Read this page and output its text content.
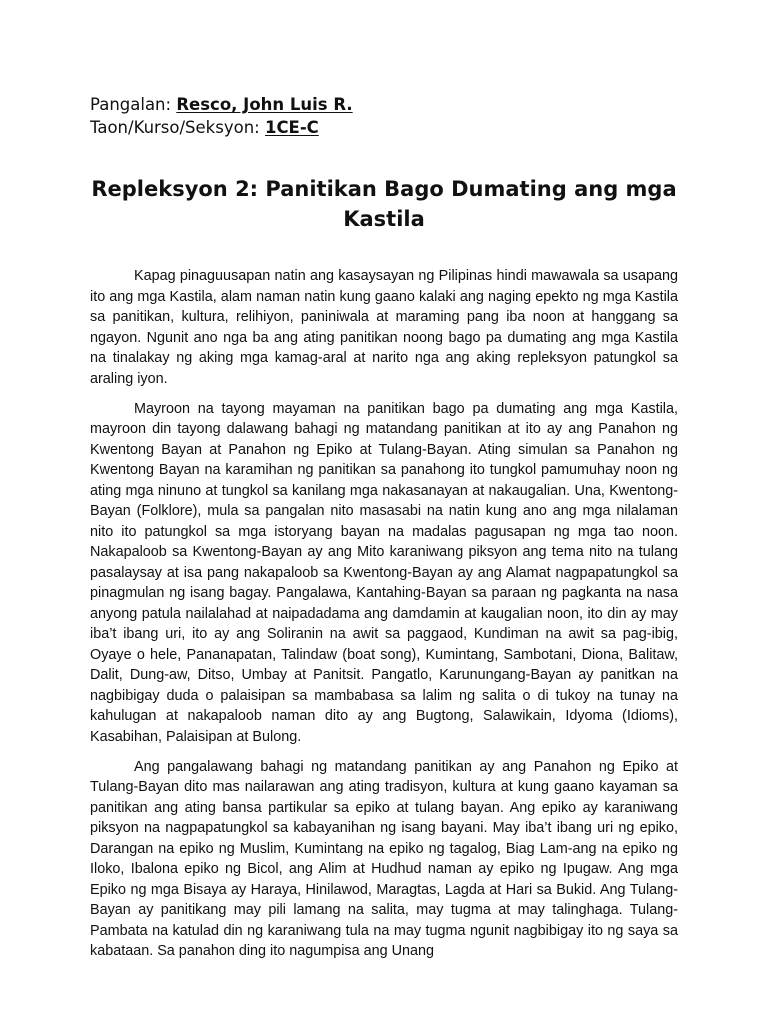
Pangalan: Resco, John Luis R.
Taon/Kurso/Seksyon: 1CE-C
Repleksyon 2: Panitikan Bago Dumating ang mga Kastila

Kapag pinaguusapan natin ang kasaysayan ng Pilipinas hindi mawawala sa usapang ito ang mga Kastila, alam naman natin kung gaano kalaki ang naging epekto ng mga Kastila sa panitikan, kultura, relihiyon, paniniwala at maraming pang iba noon at hanggang sa ngayon. Ngunit ano nga ba ang ating panitikan noong bago pa dumating ang mga Kastila na tinalakay ng aking mga kamag-aral at narito nga ang aking repleksyon patungkol sa araling iyon.

Mayroon na tayong mayaman na panitikan bago pa dumating ang mga Kastila, mayroon din tayong dalawang bahagi ng matandang panitikan at ito ay ang Panahon ng Kwentong Bayan at Panahon ng Epiko at Tulang-Bayan. Ating simulan sa Panahon ng Kwentong Bayan na karamihan ng panitikan sa panahong ito tungkol pamumuhay noon ng ating mga ninuno at tungkol sa kanilang mga nakasanayan at nakaugalian. Una, Kwentong-Bayan (Folklore), mula sa pangalan nito masasabi na natin kung ano ang mga nilalaman nito ito patungkol sa mga istoryang bayan na madalas pagusapan ng mga tao noon. Nakapaloob sa Kwentong-Bayan ay ang Mito karaniwang piksyon ang tema nito na tulang pasalaysay at isa pang nakapaloob sa Kwentong-Bayan ay ang Alamat nagpapatungkol sa pinagmulan ng isang bagay. Pangalawa, Kantahing-Bayan sa paraan ng pagkanta na nasa anyong patula nailalahad at naipadadama ang damdamin at kaugalian noon, ito din ay may iba’t ibang uri, ito ay ang Soliranin na awit sa paggaod, Kundiman na awit sa pag-ibig, Oyaye o hele, Pananapatan, Talindaw (boat song), Kumintang, Sambotani, Diona, Balitaw, Dalit, Dung-aw, Ditso, Umbay at Panitsit. Pangatlo, Karunungang-Bayan ay panitkan na nagbibigay duda o palaisipan sa mambabasa sa lalim ng salita o di tukoy na tunay na kahulugan at nakapaloob naman dito ay ang Bugtong, Salawikain, Idyoma (Idioms), Kasabihan, Palaisipan at Bulong.

Ang pangalawang bahagi ng matandang panitikan ay ang Panahon ng Epiko at Tulang-Bayan dito mas nailarawan ang ating tradisyon, kultura at kung gaano kayaman sa panitikan ang ating bansa partikular sa epiko at tulang bayan. Ang epiko ay karaniwang piksyon na nagpapatungkol sa kabayanihan ng isang bayani. May iba’t ibang uri ng epiko, Darangan na epiko ng Muslim, Kumintang na epiko ng tagalog, Biag Lam-ang na epiko ng Iloko, Ibalona epiko ng Bicol, ang Alim at Hudhud naman ay epiko ng Ipugaw. Ang mga Epiko ng mga Bisaya ay Haraya, Hinilawod, Maragtas, Lagda at Hari sa Bukid. Ang Tulang-Bayan ay panitikang may pili lamang na salita, may tugma at may talinghaga. Tulang-Pambata na katulad din ng karaniwang tula na may tugma ngunit nagbibigay ito ng saya sa kabataan. Sa panahon ding ito nagumpisa ang Unang
